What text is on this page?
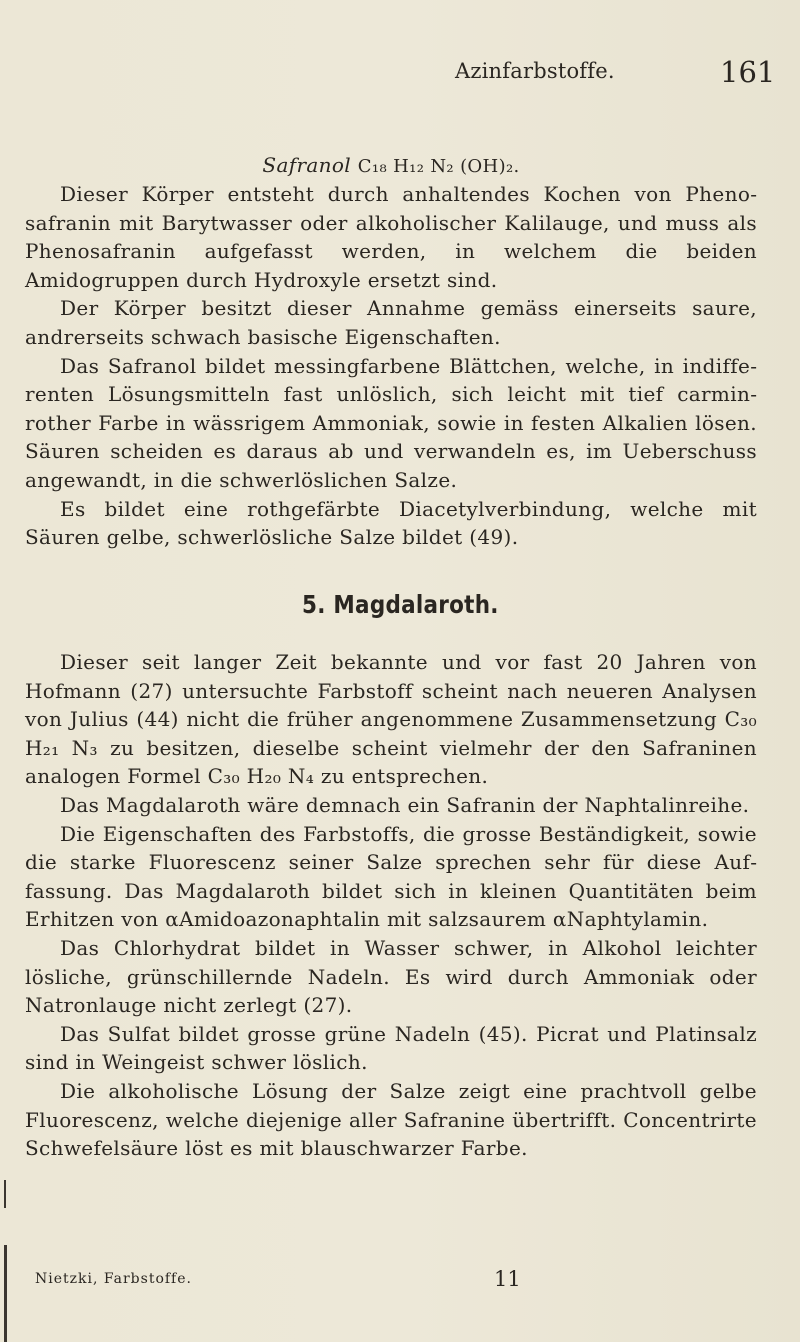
Azinfarbstoffe.	161
Safranol C₁₈ H₁₂ N₂ (OH)₂.

Dieser Körper entsteht durch anhaltendes Kochen von Phenosafranin mit Barytwasser oder alkoholischer Kalilauge, und muss als Phenosafranin aufgefasst werden, in welchem die beiden Amidogruppen durch Hydroxyle ersetzt sind.

Der Körper besitzt dieser Annahme gemäss einerseits saure, andrerseits schwach basische Eigenschaften.

Das Safranol bildet messingfarbene Blättchen, welche, in indifferenten Lösungsmitteln fast unlöslich, sich leicht mit tief carminrother Farbe in wässrigem Ammoniak, sowie in festen Alkalien lösen. Säuren scheiden es daraus ab und verwandeln es, im Ueberschuss angewandt, in die schwerlöslichen Salze.

Es bildet eine rothgefärbte Diacetylverbindung, welche mit Säuren gelbe, schwerlösliche Salze bildet (49).

5. Magdalaroth.

Dieser seit langer Zeit bekannte und vor fast 20 Jahren von Hofmann (27) untersuchte Farbstoff scheint nach neueren Analysen von Julius (44) nicht die früher angenommene Zusammensetzung C₃₀ H₂₁ N₃ zu besitzen, dieselbe scheint vielmehr der den Safraninen analogen Formel C₃₀ H₂₀ N₄ zu entsprechen.

Das Magdalaroth wäre demnach ein Safranin der Naphtalinreihe.

Die Eigenschaften des Farbstoffs, die grosse Beständigkeit, sowie die starke Fluorescenz seiner Salze sprechen sehr für diese Auffassung. Das Magdalaroth bildet sich in kleinen Quantitäten beim Erhitzen von αAmidoazonaphtalin mit salzsaurem αNaphtylamin.

Das Chlorhydrat bildet in Wasser schwer, in Alkohol leichter lösliche, grünschillernde Nadeln. Es wird durch Ammoniak oder Natronlauge nicht zerlegt (27).

Das Sulfat bildet grosse grüne Nadeln (45). Picrat und Platinsalz sind in Weingeist schwer löslich.

Die alkoholische Lösung der Salze zeigt eine prachtvoll gelbe Fluorescenz, welche diejenige aller Safranine übertrifft. Concentrirte Schwefelsäure löst es mit blauschwarzer Farbe.

Nietzki, Farbstoffe.	11
